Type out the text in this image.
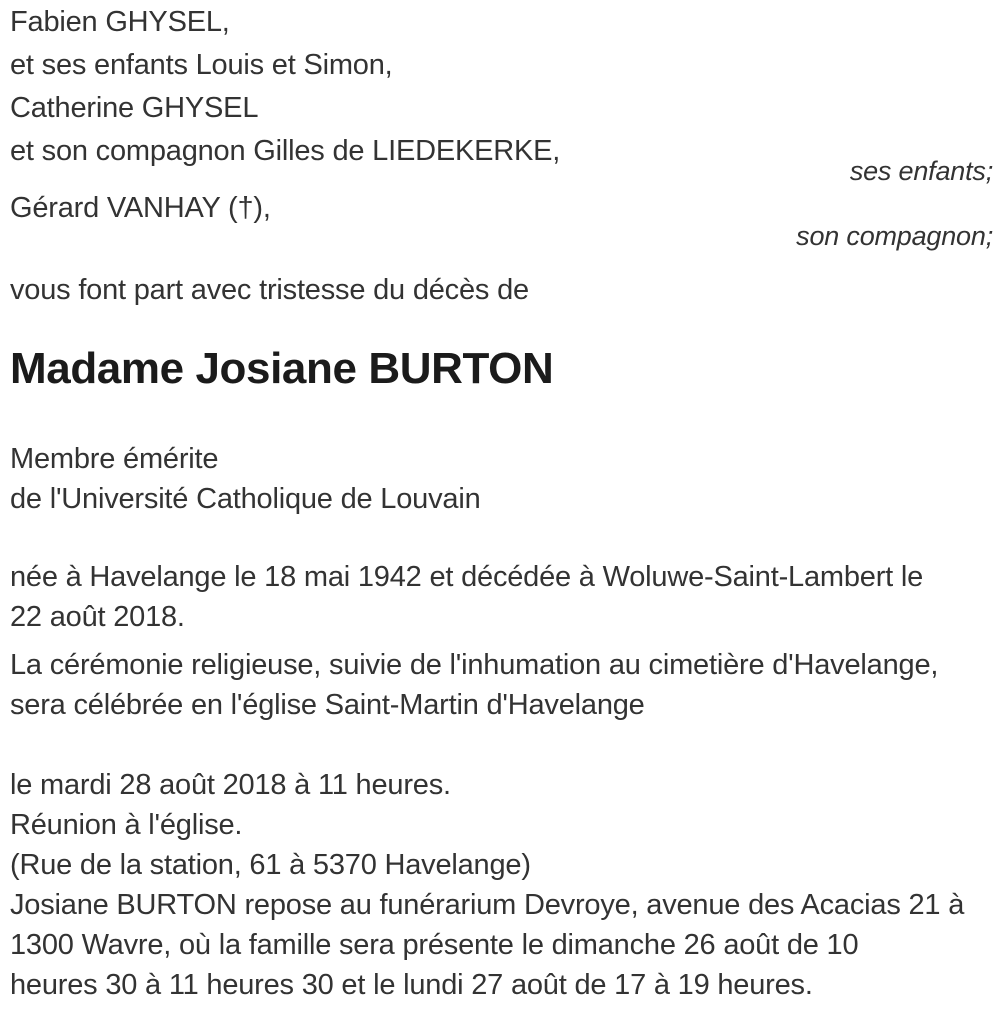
Fabien GHYSEL,
et ses enfants Louis et Simon,
Catherine GHYSEL
et son compagnon Gilles de LIEDEKERKE,
ses enfants;
Gérard VANHAY (†),
son compagnon;
vous font part avec tristesse du décès de
Madame Josiane BURTON
Membre émérite
de l'Université Catholique de Louvain
née à Havelange le 18 mai 1942 et décédée à Woluwe-Saint-Lambert le
22 août 2018.
La cérémonie religieuse, suivie de l'inhumation au cimetière d'Havelange,
sera célébrée en l'église Saint-Martin d'Havelange
le mardi 28 août 2018 à 11 heures.
Réunion à l'église.
(Rue de la station, 61 à 5370 Havelange)
Josiane BURTON repose au funérarium Devroye, avenue des Acacias 21 à
1300 Wavre, où la famille sera présente le dimanche 26 août de 10
heures 30 à 11 heures 30 et le lundi 27 août de 17 à 19 heures.
